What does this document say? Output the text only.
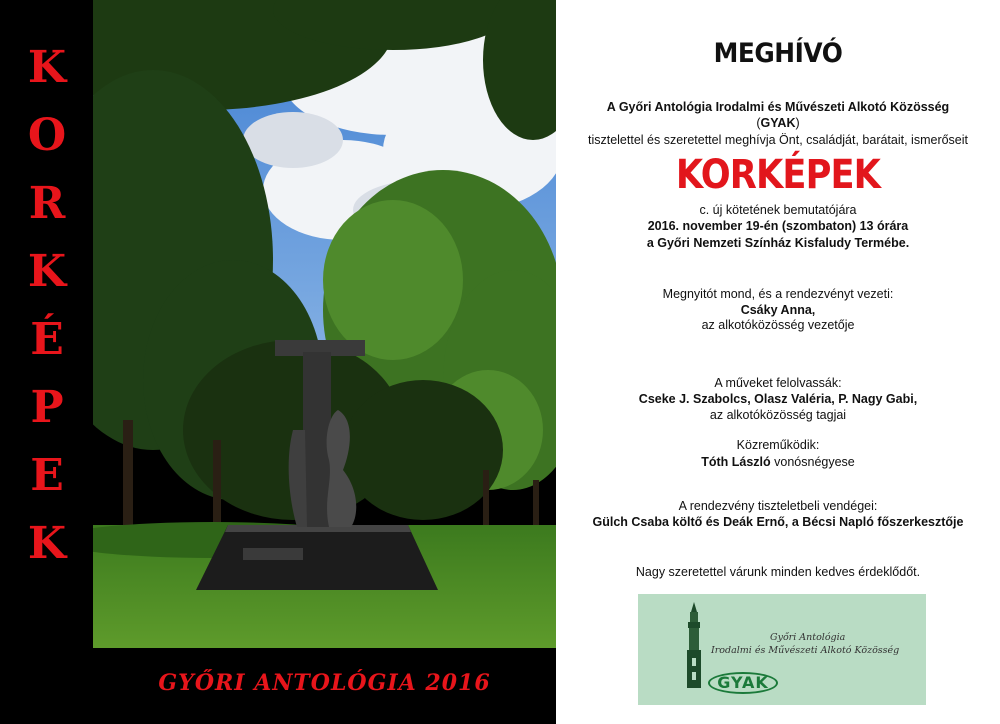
K
O
R
K
É
P
E
K
GYŐRI ANTOLÓGIA 2016
MEGHÍVÓ
A Győri Antológia Irodalmi és Művészeti Alkotó Közösség
(GYAK)
tisztelettel és szeretettel meghívja Önt, családját, barátait, ismerőseit
KORKÉPEK
c. új kötetének bemutatójára
2016. november 19-én (szombaton) 13 órára
a Győri Nemzeti Színház Kisfaludy Termébe.
Megnyitót mond, és a rendezvényt vezeti:
Csáky Anna,
az alkotóközösség vezetője
A műveket felolvassák:
Cseke J. Szabolcs, Olasz Valéria, P. Nagy Gabi,
az alkotóközösség tagjai
Közreműködik:
Tóth László vonósnégyese
A rendezvény tiszteletbeli vendégei:
Gülch Csaba költő és Deák Ernő, a Bécsi Napló főszerkesztője
Nagy szeretettel várunk minden kedves érdeklődőt.
Győri Antológia
Irodalmi és Művészeti Alkotó Közösség
GYAK
